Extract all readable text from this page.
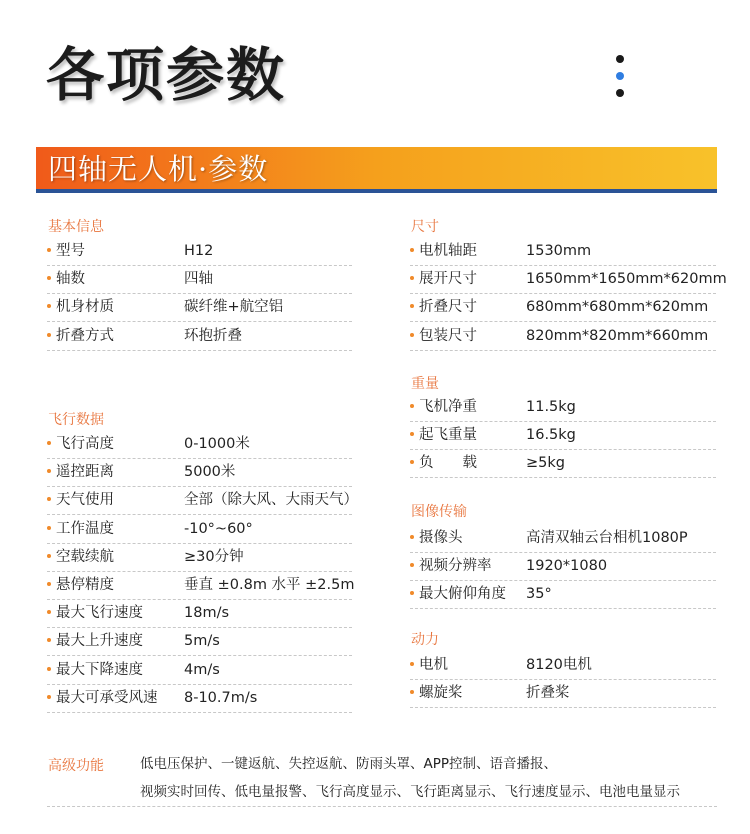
各项参数
四轴无人机·参数
基本信息
型号	H12
轴数	四轴
机身材质	碳纤维+航空铝
折叠方式	环抱折叠
飞行数据
飞行高度	0-1000米
遥控距离	5000米
天气使用	全部（除大风、大雨天气）
工作温度	-10°~60°
空载续航	≥30分钟
悬停精度	垂直 ±0.8m 水平 ±2.5m
最大飞行速度	18m/s
最大上升速度	5m/s
最大下降速度	4m/s
最大可承受风速 8-10.7m/s
尺寸
电机轴距	1530mm
展开尺寸	1650mm*1650mm*620mm
折叠尺寸	680mm*680mm*620mm
包装尺寸	820mm*820mm*660mm
重量
飞机净重	11.5kg
起飞重量	16.5kg
负　　载	≥5kg
图像传输
摄像头	高清双轴云台相机1080P
视频分辨率 1920*1080
最大俯仰角度 35°
动力
电机	8120电机
螺旋桨	折叠桨
高级功能	低电压保护、一键返航、失控返航、防雨头罩、APP控制、语音播报、
视频实时回传、低电量报警、飞行高度显示、飞行距离显示、飞行速度显示、电池电量显示
